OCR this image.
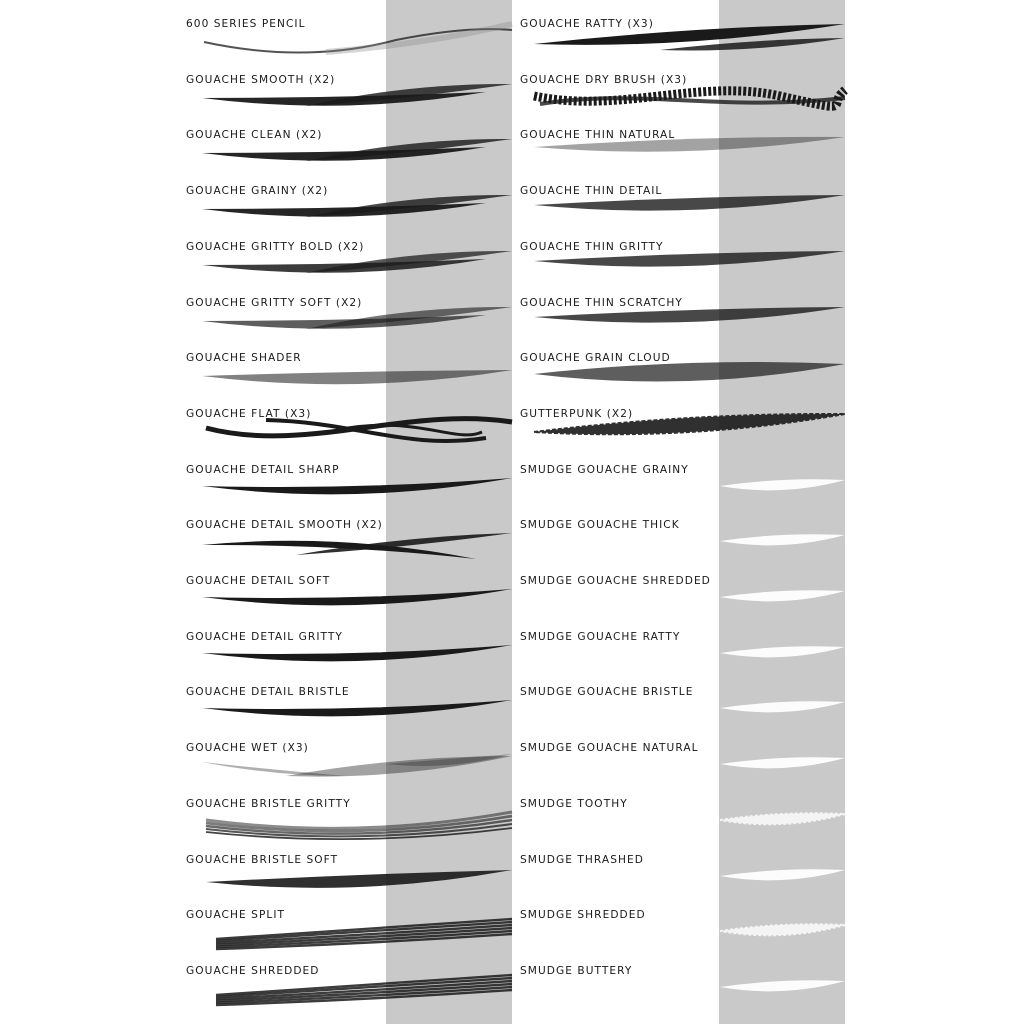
600 SERIES PENCIL
GOUACHE SMOOTH (X2)
GOUACHE CLEAN (X2)
GOUACHE GRAINY (X2)
GOUACHE GRITTY BOLD (X2)
GOUACHE GRITTY SOFT (X2)
GOUACHE SHADER
GOUACHE FLAT (X3)
GOUACHE DETAIL SHARP
GOUACHE DETAIL SMOOTH (X2)
GOUACHE DETAIL SOFT
GOUACHE DETAIL GRITTY
GOUACHE DETAIL BRISTLE
GOUACHE WET (X3)
GOUACHE BRISTLE GRITTY
GOUACHE BRISTLE SOFT
GOUACHE SPLIT
GOUACHE SHREDDED
GOUACHE RATTY (X3)
GOUACHE DRY BRUSH (X3)
GOUACHE THIN NATURAL
GOUACHE THIN DETAIL
GOUACHE THIN GRITTY
GOUACHE THIN SCRATCHY
GOUACHE GRAIN CLOUD
GUTTERPUNK (X2)
SMUDGE GOUACHE GRAINY
SMUDGE GOUACHE THICK
SMUDGE GOUACHE SHREDDED
SMUDGE GOUACHE RATTY
SMUDGE GOUACHE BRISTLE
SMUDGE GOUACHE NATURAL
SMUDGE TOOTHY
SMUDGE THRASHED
SMUDGE SHREDDED
SMUDGE BUTTERY
